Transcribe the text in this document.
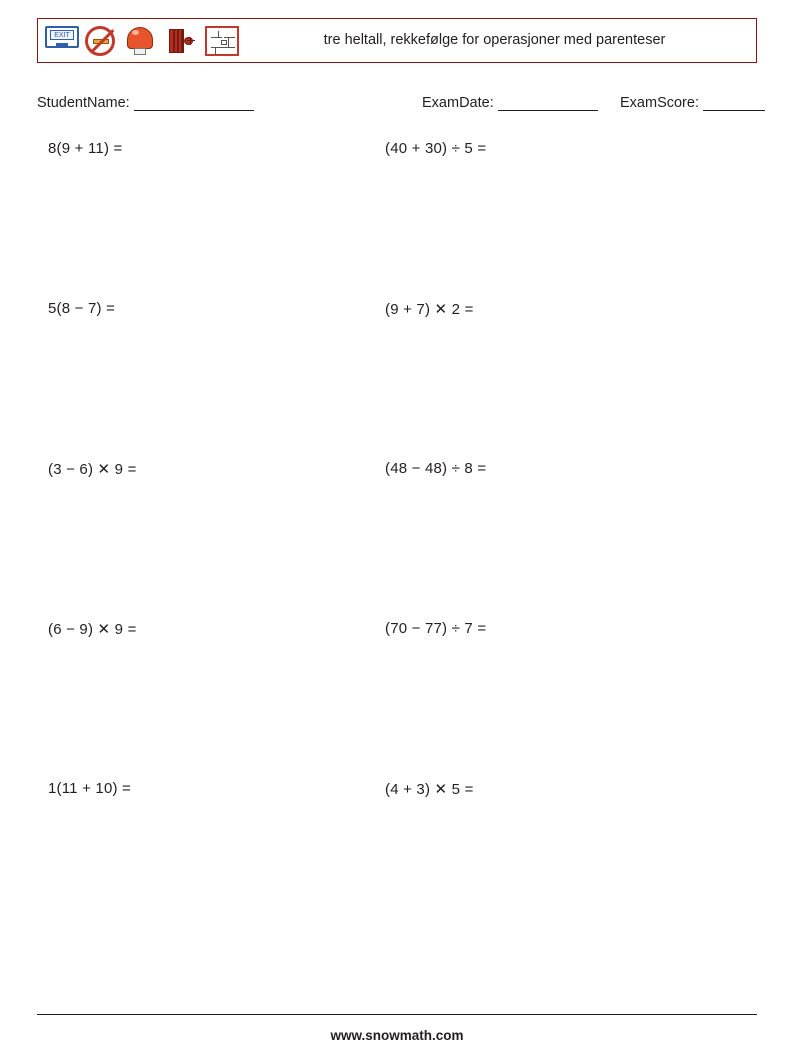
EXIT	tre heltall, rekkefølge for operasjoner med parenteser
StudentName:	ExamDate:	ExamScore:
8(9 + 11) =	(40 + 30) ÷ 5 =
5(8 − 7) =	(9 + 7) ✕ 2 =
(3 − 6) ✕ 9 =	(48 − 48) ÷ 8 =
(6 − 9) ✕ 9 =	(70 − 77) ÷ 7 =
1(11 + 10) =	(4 + 3) ✕ 5 =
www.snowmath.com
